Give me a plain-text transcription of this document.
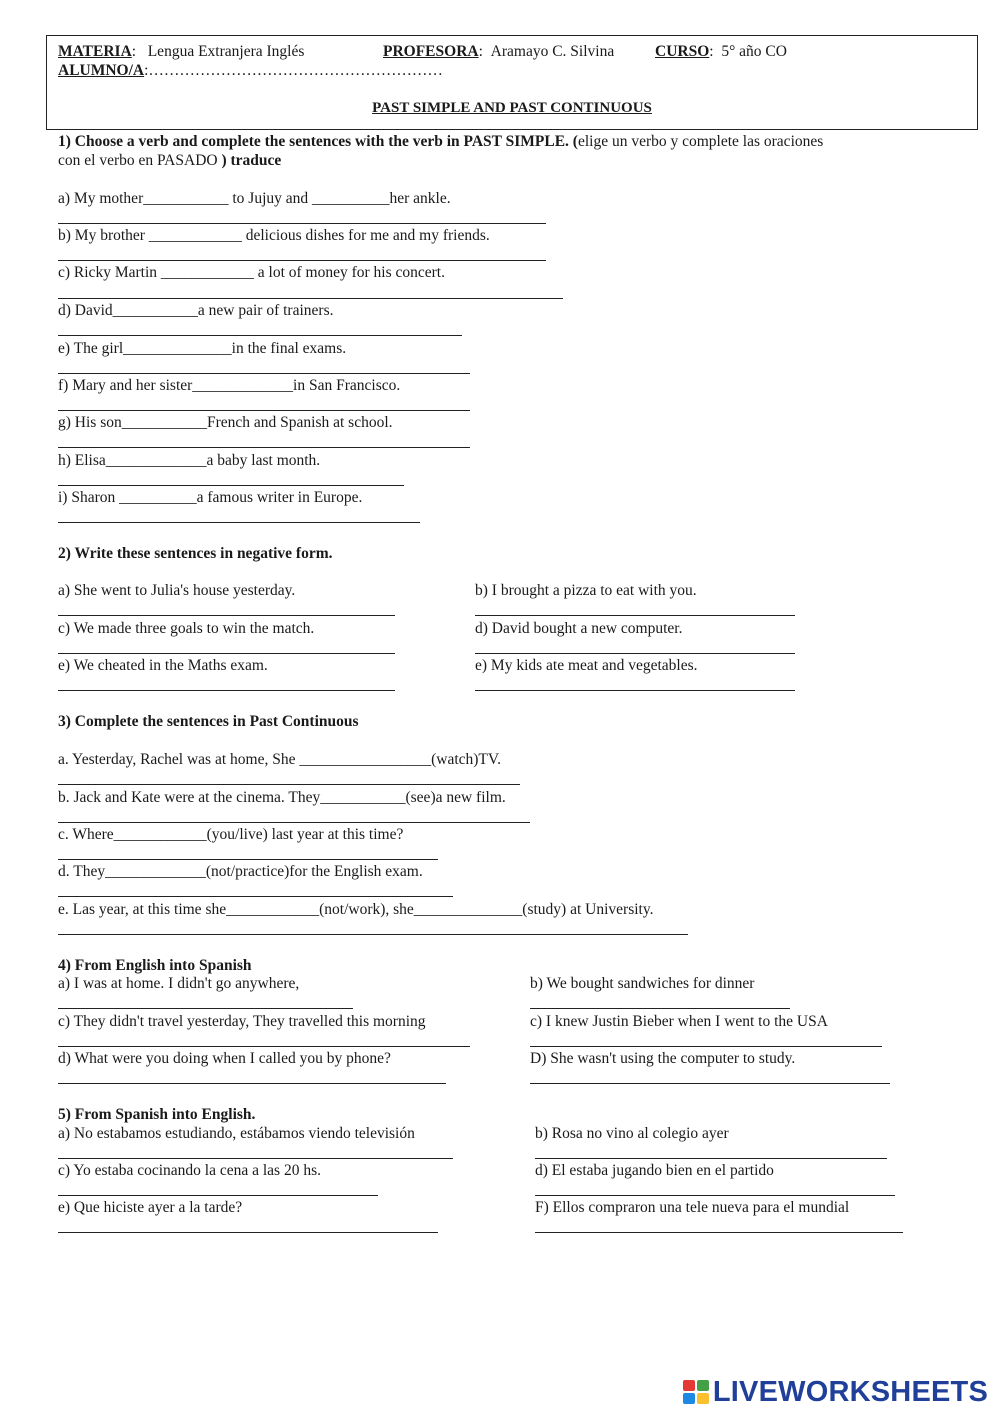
MATERIA:   Lengua Extranjera Inglés	PROFESORA:  Aramayo C. Silvina	CURSO:  5° año CO
ALUMNO/A:…………………………………………………
PAST SIMPLE AND PAST CONTINUOUS
1) Choose a verb and complete the sentences with the verb in PAST SIMPLE. (elige un verbo y complete las oraciones
con el verbo en PASADO ) traduce
a) My mother___________ to Jujuy and __________her ankle.
b) My brother ____________ delicious dishes for me and my friends.
c) Ricky Martin ____________ a lot of money for his concert.
d) David___________a new pair of trainers.
e) The girl______________in the final exams.
f) Mary and her sister_____________in San Francisco.
g) His son___________French and Spanish at school.
h) Elisa_____________a baby last month.
i) Sharon __________a famous writer in Europe.
2) Write these sentences in negative form.
a) She went to Julia's house yesterday.	b) I brought a pizza to eat with you.
c) We made three goals to win the match.	d) David bought a new computer.
e) We cheated in the Maths exam.	e) My kids ate meat and vegetables.
3) Complete the sentences in Past Continuous
a. Yesterday, Rachel was at home, She _________________(watch)TV.
b. Jack and Kate were at the cinema. They___________(see)a new film.
c. Where____________(you/live) last year at this time?
d. They_____________(not/practice)for the English exam.
e. Las year, at this time she____________(not/work), she______________(study) at University.
4) From English into Spanish
a) I was at home. I didn't go anywhere,	b) We bought sandwiches for dinner
c) They didn't travel yesterday, They travelled this morning	c) I knew Justin Bieber when I went to the USA
d) What were you doing when I called you by phone?	D) She wasn't using the computer to study.
5) From Spanish into English.
a) No estabamos estudiando, estábamos viendo televisión	b) Rosa no vino al colegio ayer
c) Yo estaba cocinando la cena a las 20 hs.	d) El estaba jugando bien en el partido
e) Que hiciste ayer a la tarde?	F) Ellos compraron una tele nueva para el mundial
LIVEWORKSHEETS
